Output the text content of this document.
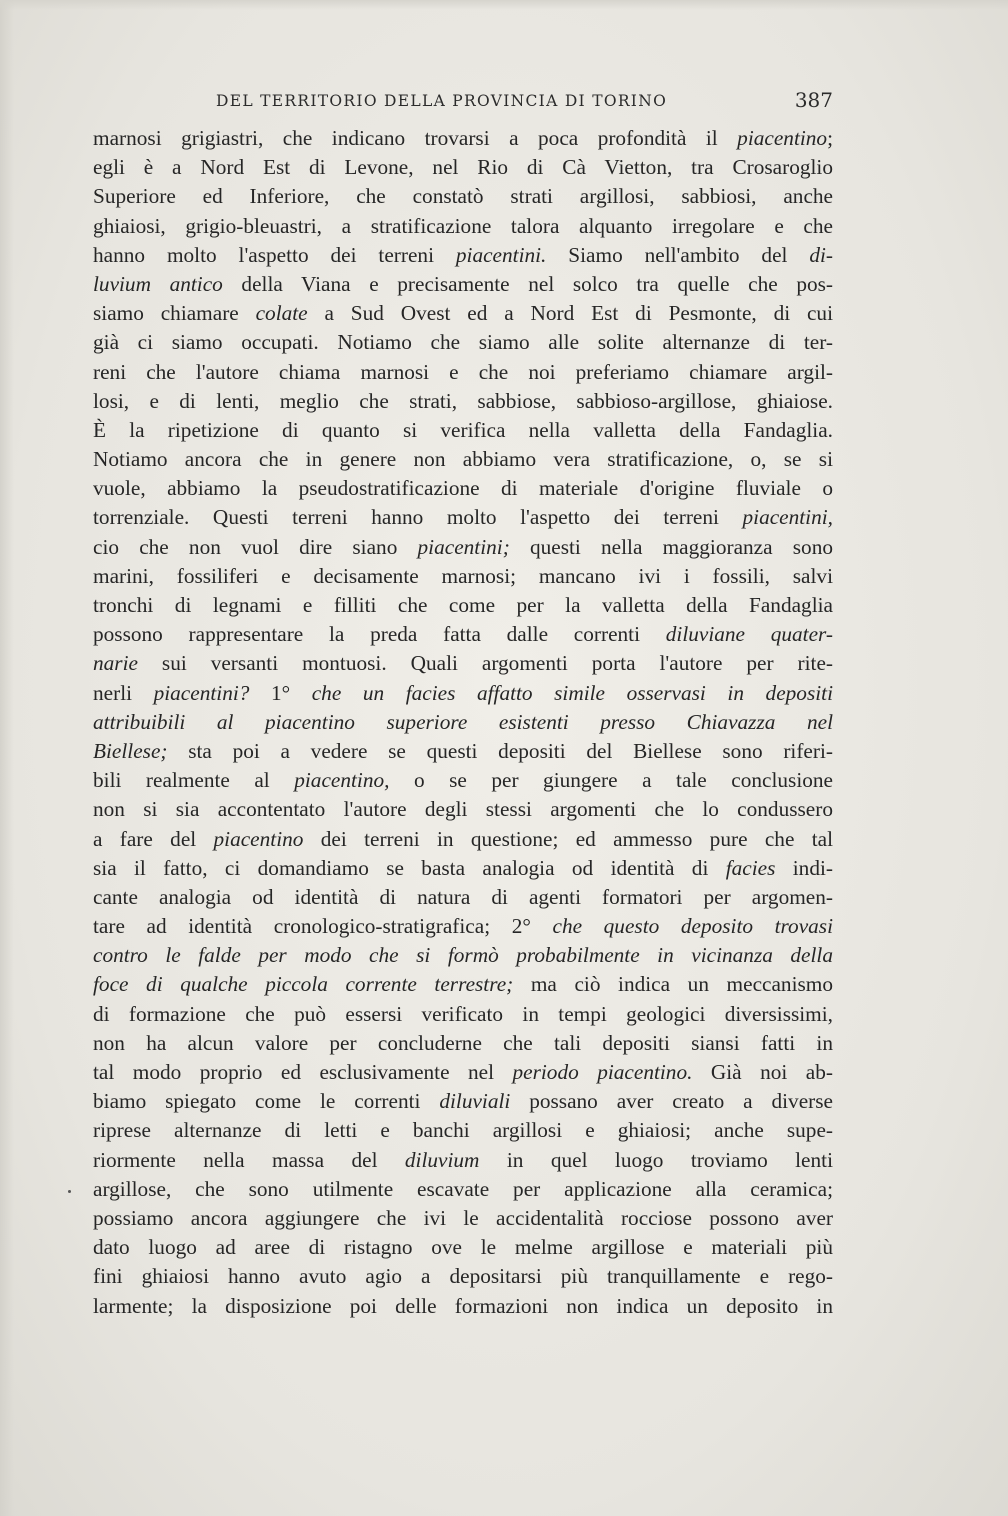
DEL TERRITORIO DELLA PROVINCIA DI TORINO	387
marnosi grigiastri, che indicano trovarsi a poca profondità il piacentino;
egli è a Nord Est di Levone, nel Rio di Cà Vietton, tra Crosaroglio
Superiore ed Inferiore, che constatò strati argillosi, sabbiosi, anche
ghiaiosi, grigio-bleuastri, a stratificazione talora alquanto irregolare e che
hanno molto l'aspetto dei terreni piacentini. Siamo nell'ambito del di-
luvium antico della Viana e precisamente nel solco tra quelle che pos-
siamo chiamare colate a Sud Ovest ed a Nord Est di Pesmonte, di cui
già ci siamo occupati. Notiamo che siamo alle solite alternanze di ter-
reni che l'autore chiama marnosi e che noi preferiamo chiamare argil-
losi, e di lenti, meglio che strati, sabbiose, sabbioso-argillose, ghiaiose.
È la ripetizione di quanto si verifica nella valletta della Fandaglia.
Notiamo ancora che in genere non abbiamo vera stratificazione, o, se si
vuole, abbiamo la pseudostratificazione di materiale d'origine fluviale o
torrenziale. Questi terreni hanno molto l'aspetto dei terreni piacentini,
cio che non vuol dire siano piacentini; questi nella maggioranza sono
marini, fossiliferi e decisamente marnosi; mancano ivi i fossili, salvi
tronchi di legnami e filliti che come per la valletta della Fandaglia
possono rappresentare la preda fatta dalle correnti diluviane quater-
narie sui versanti montuosi. Quali argomenti porta l'autore per rite-
nerli piacentini? 1° che un facies affatto simile osservasi in depositi
attribuibili al piacentino superiore esistenti presso Chiavazza nel
Biellese; sta poi a vedere se questi depositi del Biellese sono riferi-
bili realmente al piacentino, o se per giungere a tale conclusione
non si sia accontentato l'autore degli stessi argomenti che lo condussero
a fare del piacentino dei terreni in questione; ed ammesso pure che tal
sia il fatto, ci domandiamo se basta analogia od identità di facies indi-
cante analogia od identità di natura di agenti formatori per argomen-
tare ad identità cronologico-stratigrafica; 2° che questo deposito trovasi
contro le falde per modo che si formò probabilmente in vicinanza della
foce di qualche piccola corrente terrestre; ma ciò indica un meccanismo
di formazione che può essersi verificato in tempi geologici diversissimi,
non ha alcun valore per concluderne che tali depositi siansi fatti in
tal modo proprio ed esclusivamente nel periodo piacentino. Già noi ab-
biamo spiegato come le correnti diluviali possano aver creato a diverse
riprese alternanze di letti e banchi argillosi e ghiaiosi; anche supe-
riormente nella massa del diluvium in quel luogo troviamo lenti
argillose, che sono utilmente escavate per applicazione alla ceramica;
possiamo ancora aggiungere che ivi le accidentalità rocciose possono aver
dato luogo ad aree di ristagno ove le melme argillose e materiali più
fini ghiaiosi hanno avuto agio a depositarsi più tranquillamente e rego-
larmente; la disposizione poi delle formazioni non indica un deposito in
